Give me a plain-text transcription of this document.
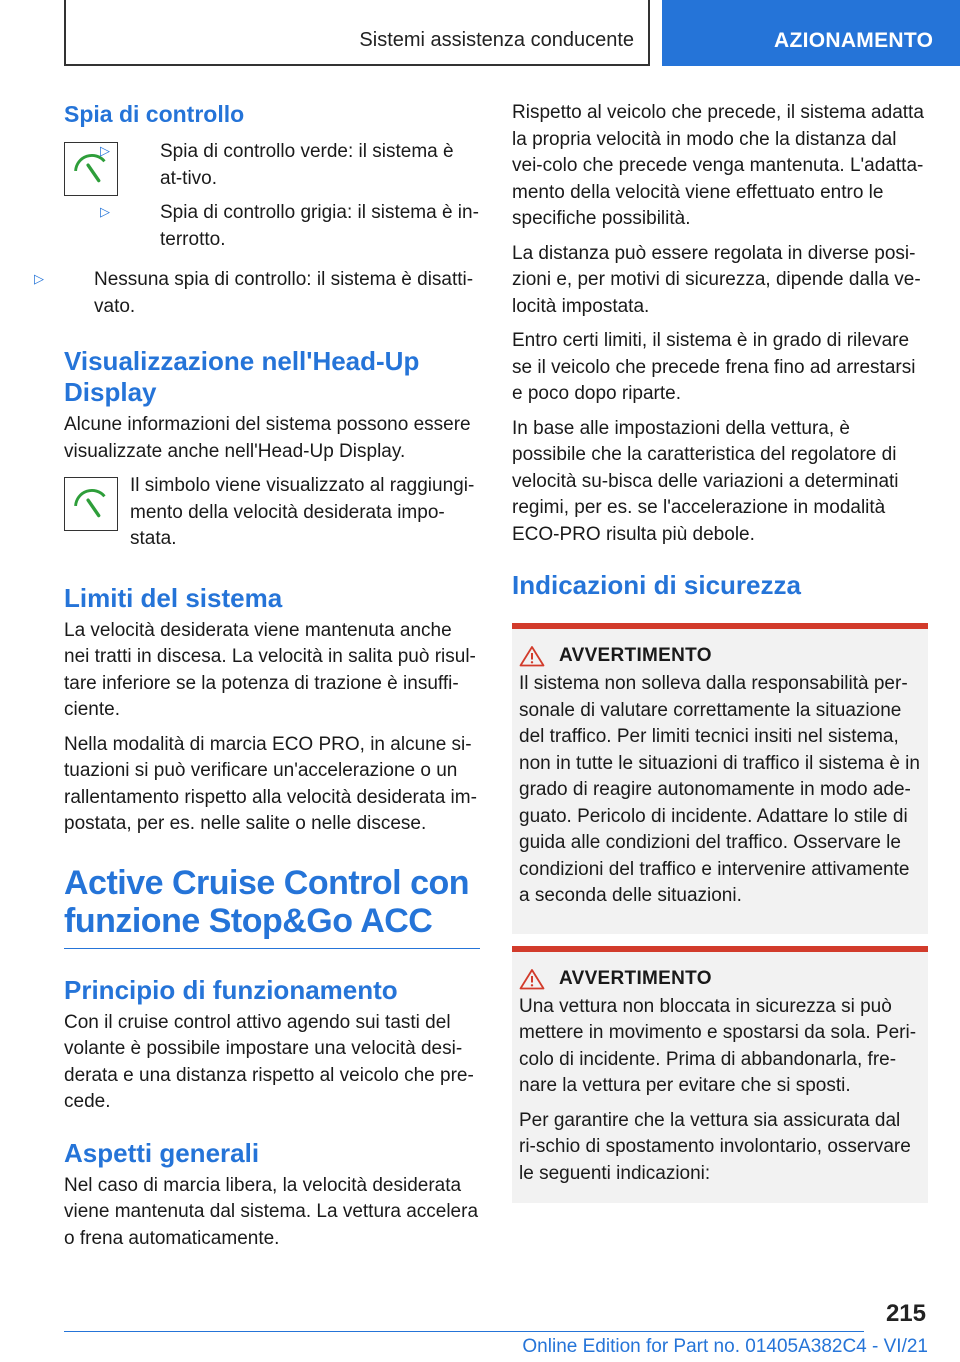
Sistemi assistenza conducente	AZIONAMENTO
Spia di controllo
▷	Spia di controllo verde: il sistema è at-tivo.
▷	Spia di controllo grigia: il sistema è in-terrotto.
▷	Nessuna spia di controllo: il sistema è disatti-vato.
Visualizzazione nell'Head-Up Display

Alcune informazioni del sistema possono essere visualizzate anche nell'Head-Up Display.

Il simbolo viene visualizzato al raggiungi-mento della velocità desiderata impo-stata.

Limiti del sistema

La velocità desiderata viene mantenuta anche nei tratti in discesa. La velocità in salita può risul-tare inferiore se la potenza di trazione è insuffi-ciente.

Nella modalità di marcia ECO PRO, in alcune si-tuazioni si può verificare un'accelerazione o un rallentamento rispetto alla velocità desiderata im-postata, per es. nelle salite o nelle discese.

Active Cruise Control con funzione Stop&Go ACC
Principio di funzionamento

Con il cruise control attivo agendo sui tasti del volante è possibile impostare una velocità desi-derata e una distanza rispetto al veicolo che pre-cede.

Aspetti generali

Nel caso di marcia libera, la velocità desiderata viene mantenuta dal sistema. La vettura accelera o frena automaticamente.

Rispetto al veicolo che precede, il sistema adatta la propria velocità in modo che la distanza dal vei-colo che precede venga mantenuta. L'adatta-mento della velocità viene effettuato entro le specifiche possibilità.

La distanza può essere regolata in diverse posi-zioni e, per motivi di sicurezza, dipende dalla ve-locità impostata.

Entro certi limiti, il sistema è in grado di rilevare se il veicolo che precede frena fino ad arrestarsi e poco dopo riparte.

In base alle impostazioni della vettura, è possibile che la caratteristica del regolatore di velocità su-bisca delle variazioni a determinati regimi, per es. se l'accelerazione in modalità ECO-PRO risulta più debole.

Indicazioni di sicurezza
AVVERTIMENTO

Il sistema non solleva dalla responsabilità per-sonale di valutare correttamente la situazione del traffico. Per limiti tecnici insiti nel sistema, non in tutte le situazioni di traffico il sistema è in grado di reagire autonomamente in modo ade-guato. Pericolo di incidente. Adattare lo stile di guida alle condizioni del traffico. Osservare le condizioni del traffico e intervenire attivamente a seconda delle situazioni.

AVVERTIMENTO

Una vettura non bloccata in sicurezza si può mettere in movimento e spostarsi da sola. Peri-colo di incidente. Prima di abbandonarla, fre-nare la vettura per evitare che si sposti.

Per garantire che la vettura sia assicurata dal ri-schio di spostamento involontario, osservare le seguenti indicazioni:

215
Online Edition for Part no. 01405A382C4 - VI/21
